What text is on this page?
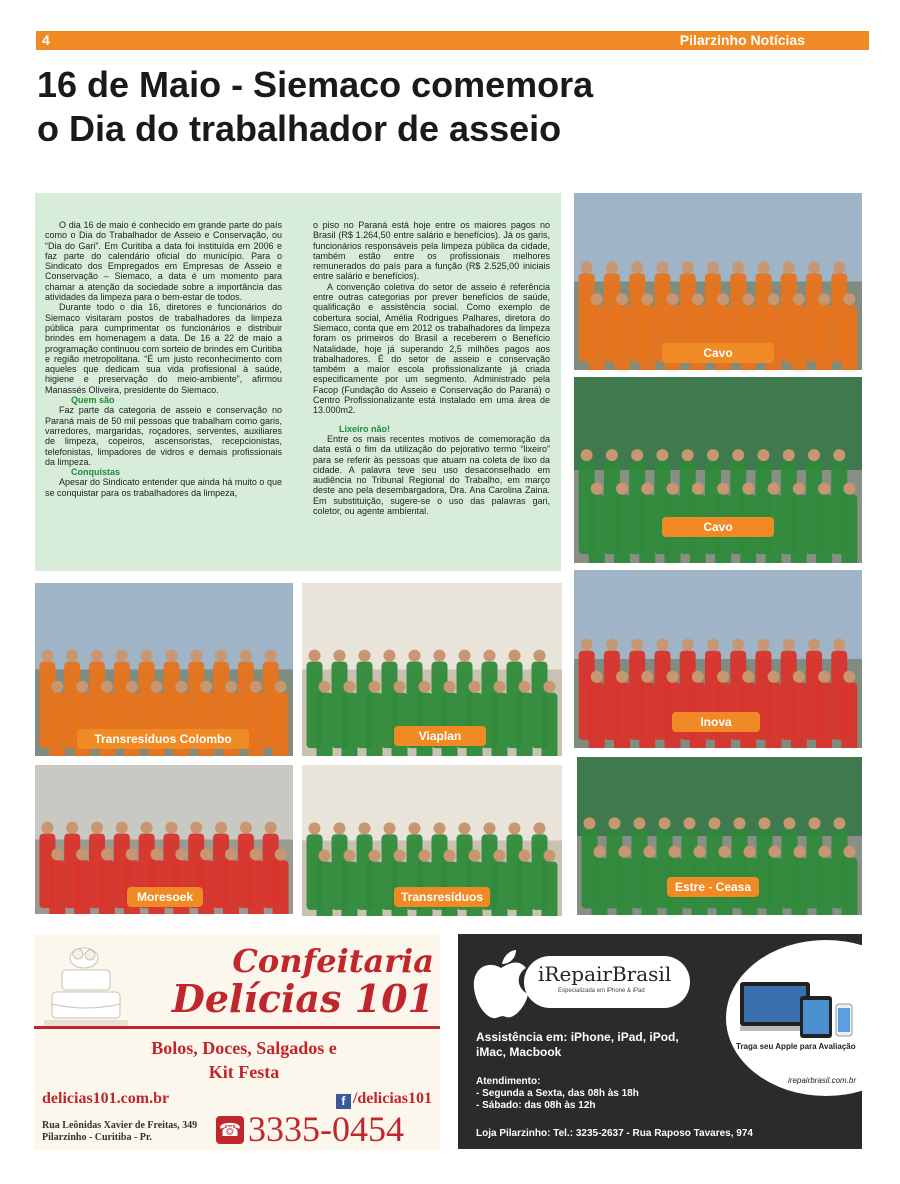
4	Pilarzinho Notícias
16 de Maio - Siemaco comemora
o Dia do trabalhador de asseio

O dia 16 de maio é conhecido em grande parte do país como o Dia do Trabalhador de Asseio e Conservação, ou “Dia do Gari”. Em Curitiba a data foi instituída em 2006 e faz parte do calendário oficial do município. Para o Sindicato dos Empregados em Empresas de Asseio e Conservação – Siemaco, a data é um momento para chamar a atenção da sociedade sobre a importância das atividades da limpeza para o bem-estar de todos.

Durante todo o dia 16, diretores e funcionários do Siemaco visitaram postos de trabalhadores da limpeza pública para cumprimentar os funcionários e distribuir brindes em homenagem a data. De 16 a 22 de maio a programação continuou com sorteio de brindes em Curitiba e região metropolitana. “É um justo reconhecimento com aqueles que dedicam sua vida profissional à saúde, higiene e preservação do meio-ambiente”, afirmou Manassés Oliveira, presidente do Siemaco.

Quem são

Faz parte da categoria de asseio e conservação no Paraná mais de 50 mil pessoas que trabalham como garis, varredores, margaridas, roçadores, serventes, auxiliares de limpeza, copeiros, ascensoristas, recepcionistas, telefonistas, limpadores de vidros e demais profissionais da limpeza.

Conquistas

Apesar do Sindicato entender que ainda há muito o que se conquistar para os trabalhadores da limpeza,

o piso no Paraná está hoje entre os maiores pagos no Brasil (R$ 1.264,50 entre salário e benefícios). Já os garis, funcionários responsáveis pela limpeza pública da cidade, também estão entre os profissionais melhores remunerados do país para a função (R$ 2.525,00 iniciais entre salário e benefícios).

A convenção coletiva do setor de asseio é referência entre outras categorias por prever benefícios de saúde, qualificação e assistência social. Como exemplo de cobertura social, Amélia Rodrigues Palhares, diretora do Siemaco, conta que em 2012 os trabalhadores da limpeza foram os primeiros do Brasil a receberem o Benefício Natalidade, hoje já superando 2,5 milhões pagos aos trabalhadores. É do setor de asseio e conservação também a maior escola profissionalizante já criada especificamente por um segmento. Administrado pela Facop (Fundação do Asseio e Conservação do Paraná) o Centro Profissionalizante está instalado em uma área de 13.000m2.

Lixeiro não!

Entre os mais recentes motivos de comemoração da data está o fim da utilização do pejorativo termo “lixeiro” para se referir às pessoas que atuam na coleta de lixo da cidade. A palavra teve seu uso desaconselhado em audiência no Tribunal Regional do Trabalho, em março deste ano pela desembargadora, Dra. Ana Carolina Zaina. Em substituição, sugere-se o uso das palavras gari, coletor, ou agente ambiental.

Cavo
Cavo
Transresíduos Colombo	Viaplan
Inova
Moresoek	Transresíduos
Estre - Ceasa
Confeitaria
Delícias 101
Bolos, Doces, Salgados e
Kit Festa
delicias101.com.br	f /delicias101
Rua Leônidas Xavier de Freitas, 349
Pilarzinho - Curitiba - Pr.	☎ 3335-0454
iRepairBrasil
Especializada em iPhone & iPad
Traga seu Apple para Avaliação
irepairbrasil.com.br
Assistência em: iPhone, iPad, iPod, iMac, Macbook
Atendimento:
- Segunda a Sexta, das 08h às 18h
- Sábado: das 08h às 12h
Loja Pilarzinho: Tel.: 3235-2637 - Rua Raposo Tavares, 974
